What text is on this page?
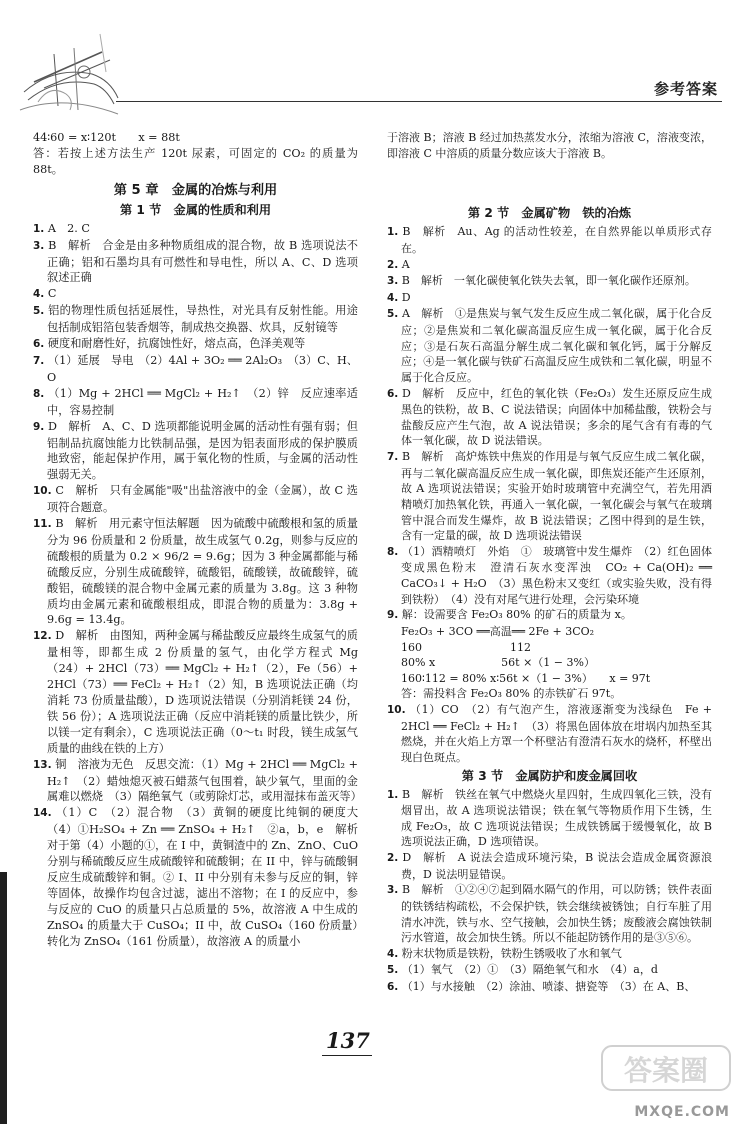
参考答案

44∶60 = x∶120t　　x = 88t

答：若按上述方法生产 120t 尿素，可固定的 CO₂ 的质量为 88t。

第 5 章　金属的冶炼与利用
第 1 节　金属的性质和利用

1. A　2. C

3. B　解析　合金是由多种物质组成的混合物，故 B 选项说法不正确；铝和石墨均具有可燃性和导电性，所以 A、C、D 选项叙述正确

4. C

5. 铝的物理性质包括延展性，导热性，对光具有反射性能。用途包括制成铝箔包装香烟等，制成热交换器、炊具，反射镜等

6. 硬度和耐磨性好，抗腐蚀性好，熔点高，色泽美观等

7. （1）延展　导电　（2）4Al + 3O₂ ══ 2Al₂O₃　（3）C、H、O

8. （1）Mg + 2HCl ══ MgCl₂ + H₂↑　（2）锌　反应速率适中，容易控制

9. D　解析　A、C、D 选项都能说明金属的活动性有强有弱；但铝制品抗腐蚀能力比铁制品强，是因为铝表面形成的保护膜质地致密，能起保护作用，属于氧化物的性质，与金属的活动性强弱无关。

10. C　解析　只有金属能"吸"出盐溶液中的金（金属），故 C 选项符合题意。

11. B　解析　用元素守恒法解题　因为硫酸中硫酸根和氢的质量分为 96 份质量和 2 份质量，故生成氢气 0.2g，则参与反应的硫酸根的质量为 0.2 × 96/2 = 9.6g；因为 3 种金属都能与稀硫酸反应，分别生成硫酸锌，硫酸铝，硫酸镁，故硫酸锌，硫酸铝，硫酸镁的混合物中金属元素的质量为 3.8g。这 3 种物质均由金属元素和硫酸根组成，即混合物的质量为：3.8g + 9.6g = 13.4g。

12. D　解析　由图知，两种金属与稀盐酸反应最终生成氢气的质量相等，即都生成 2 份质量的氢气，由化学方程式 Mg（24）+ 2HCl（73）══ MgCl₂ + H₂↑（2），Fe（56）+ 2HCl（73）══ FeCl₂ + H₂↑（2）知，B 选项说法正确（均消耗 73 份质量盐酸），D 选项说法错误（分别消耗镁 24 份，铁 56 份）；A 选项说法正确（反应中消耗镁的质量比铁少，所以镁一定有剩余），C 选项说法正确（0～t₁ 时段，镁生成氢气质量的曲线在铁的上方）

13. 铜　溶液为无色　反思交流：（1）Mg + 2HCl ══ MgCl₂ + H₂↑　（2）蜡烛熄灭被石蜡蒸气包围着，缺少氧气，里面的金属难以燃烧　（3）隔绝氧气（或剪除灯芯，或用湿抹布盖灭等）

14. （1）C　（2）混合物　（3）黄铜的硬度比纯铜的硬度大　（4）①H₂SO₄ + Zn ══ ZnSO₄ + H₂↑　②a，b，e　解析　对于第（4）小题的①，在 I 中，黄铜渣中的 Zn、ZnO、CuO 分别与稀硫酸反应生成硫酸锌和硫酸铜；在 II 中，锌与硫酸铜反应生成硫酸锌和铜。② I、II 中分别有未参与反应的铜，锌等固体，故操作均包含过滤，滤出不溶物；在 I 的反应中，参与反应的 CuO 的质量只占总质量的 5%，故溶液 A 中生成的 ZnSO₄ 的质量大于 CuSO₄；II 中，故 CuSO₄（160 份质量）转化为 ZnSO₄（161 份质量），故溶液 A 的质量小

于溶液 B；溶液 B 经过加热蒸发水分，浓缩为溶液 C，溶液变浓，即溶液 C 中溶质的质量分数应该大于溶液 B。

第 2 节　金属矿物　铁的冶炼

1. B　解析　Au、Ag 的活动性较差，在自然界能以单质形式存在。

2. A

3. B　解析　一氧化碳使氧化铁失去氧，即一氧化碳作还原剂。

4. D

5. A　解析　①是焦炭与氧气发生反应生成二氧化碳，属于化合反应；②是焦炭和二氧化碳高温反应生成一氧化碳，属于化合反应；③是石灰石高温分解生成二氧化碳和氧化钙，属于分解反应；④是一氧化碳与铁矿石高温反应生成铁和二氧化碳，明显不属于化合反应。

6. D　解析　反应中，红色的氧化铁（Fe₂O₃）发生还原反应生成黑色的铁粉，故 B、C 说法错误；向固体中加稀盐酸，铁粉会与盐酸反应产生气泡，故 A 说法错误；多余的尾气含有有毒的气体一氧化碳，故 D 说法错误。

7. B　解析　高炉炼铁中焦炭的作用是与氧气反应生成二氧化碳，再与二氧化碳高温反应生成一氧化碳，即焦炭还能产生还原剂，故 A 选项说法错误；实验开始时玻璃管中充满空气，若先用酒精喷灯加热氧化铁，再通入一氧化碳，一氧化碳会与氧气在玻璃管中混合而发生爆炸，故 B 说法错误；乙图中得到的是生铁，含有一定量的碳，故 D 选项说法错误

8. （1）酒精喷灯　外焰　①　玻璃管中发生爆炸　（2）红色固体变成黑色粉末　澄清石灰水变浑浊　CO₂ + Ca(OH)₂ ══ CaCO₃↓ + H₂O　（3）黑色粉末又变红（或实验失败，没有得到铁粉）　（4）没有对尾气进行处理，会污染环境

9. 解：设需要含 Fe₂O₃ 80% 的矿石的质量为 x。
Fe₂O₃ + 3CO ══高温══ 2Fe + 3CO₂
160　　　　　　　　112
80% x　　　　　　56t ×（1 − 3%）
160∶112 = 80% x∶56t ×（1 − 3%）　　x = 97t
答：需投料含 Fe₂O₃ 80% 的赤铁矿石 97t。

10. （1）CO　（2）有气泡产生，溶液逐渐变为浅绿色　Fe + 2HCl ══ FeCl₂ + H₂↑　（3）将黑色固体放在坩埚内加热至其燃烧，并在火焰上方罩一个杯壁沾有澄清石灰水的烧杯，杯壁出现白色斑点。

第 3 节　金属防护和废金属回收

1. B　解析　铁丝在氧气中燃烧火星四射，生成四氧化三铁，没有烟冒出，故 A 选项说法错误；铁在氧气等物质作用下生锈，生成 Fe₂O₃，故 C 选项说法错误；生成铁锈属于缓慢氧化，故 B 选项说法正确，D 选项错误。

2. D　解析　A 说法会造成环境污染，B 说法会造成金属资源浪费，D 说法明显错误。

3. B　解析　①②④⑦起到隔水隔气的作用，可以防锈；铁件表面的铁锈结构疏松，不会保护铁，铁会继续被锈蚀；自行车脏了用清水冲洗，铁与水、空气接触，会加快生锈；废酸液会腐蚀铁制污水管道，故会加快生锈。所以不能起防锈作用的是③⑤⑥。

4. 粉末状物质是铁粉，铁粉生锈吸收了水和氧气

5. （1）氧气　（2）①　（3）隔绝氧气和水　（4）a，d

6. （1）与水接触　（2）涂油、喷漆、搪瓷等　（3）在 A、B、

137
答案圈
MXQE.COM
